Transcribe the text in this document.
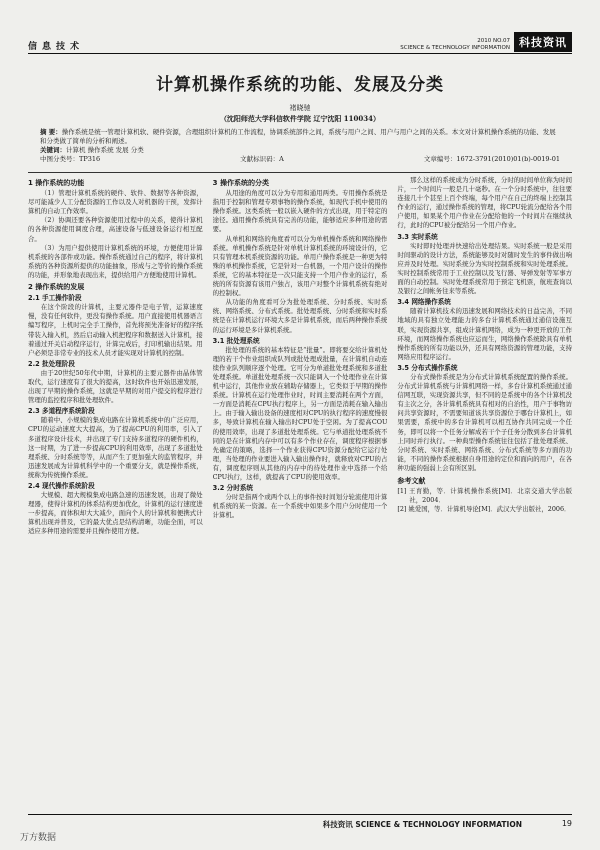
信息技术
2010 NO.07
SCIENCE & TECHNOLOGY INFORMATION 科技资讯
计算机操作系统的功能、发展及分类
褚晓驰
（沈阳师范大学科信软件学院 辽宁沈阳 110034）
摘 要：操作系统是统一管理计算机软、硬件资源，合理组织计算机的工作流程，协调系统部件之间，系统与用户之间、用户与用户之间的关系。本文对计算机操作系统的功能、发展和分类做了简单的分析和阐述。
关键词：计算机 操作系统 发展 分类
中图分类号：TP316	文献标识码：A	文章编号：1672-3791(2010)01(b)-0019-01
1 操作系统的功能

（1）管理计算机系统的硬件、软件、数据等各种资源，尽可能减少人工分配资源的工作以及人对机器的干预，发挥计算机的自动工作效率。

（2）协调还要各种资源使用过程中的关系，使得计算机的各种资源使用调度合理，高速设备与低速设备运行相互配合。

（3）为用户提供使用计算机系统的环境，方便使用计算机系统的各部件或功能。操作系统通过自己的程序，将计算机系统的各种资源所提供的功能抽象，形成与之等价的操作系统的功能，并形象地表现出来，提供给用户方便地使用计算机。

2 操作系统的发展
2.1 手工操作阶段

在这个阶段的计算机，主要元器件是电子管，运算速度慢，没有任何软件，更没有操作系统。用户直接使用机器语言编写程序，上机时完全手工操作，首先将预先准备好的程序纸带装入输入机，然后启动输入机把程序和数据送入计算机，接着通过开关启动程序运行，计算完成后，打印机输出结果。用户必须是非常专业的技术人员才能实现对计算机的控制。

2.2 批处理阶段

由于20世纪50年代中期，计算机的主要元器件由晶体管取代，运行速度有了很大的提高，这时软件也开始迅速发展，出现了早期的操作系统，这就是早期的对用户提交的程序进行管理的监控程序和批处理软件。

2.3 多道程序系统阶段

随着中、小规模的集成电路在计算机系统中的广泛应用，CPU的运动速度大大提高，为了提高CPU的利用率，引入了多道程序设计技术，并出现了专门支持多道程序的硬件机构，这一时期，为了进一步提高CPU的利用效率，出现了多道批处理系统、分时系统等等，从而产生了更加强大的监管程序，并迅速发展成为计算机科学中的一个重要分支，就是操作系统，统称为传统操作系统。

2.4 现代操作系统阶段

大规模、超大规模集成电路急速的迅速发展，出现了微处理器，使得计算机的体系结构更加优化，计算机的运行速度进一步提高，而体积却大大减少，面向个人的计算机和便携式计算机出现并普及，它的最大优点是结构清晰，功能全面，可以适应多种用途的需要并且操作使用方便。

3 操作系统的分类

从用途的角度可以分为专用和通用两类。专用操作系统是指用于控制和管理专项事物的操作系统，如现代手机中使用的操作系统。这类系统一般以嵌入硬件的方式出现，用于特定的途径。通用操作系统具有完善的功能，能够适应多种用途的需要。

从单机和网络的角度看可以分为单机操作系统和网络操作系统。单机操作系统是针对单机计算机系统的环境设计的，它只有管理本机系统资源的功能。单用户操作系统是一种更为特殊的单机操作系统，它是针对一台机器，一个用户设计的操作系统，它的基本特征是一次只能支持一个用户作业的运行，系统的所有资源有该用户独占，该用户对整个计算机系统有绝对的控制权。

从功能的角度看可分为批处理系统、分时系统、实时系统、网络系统、分布式系统。批处理系统、分时系统和实时系统是在计算机运行环境大多是计算机系统，而后两种操作系统的运行环境是多计算机系统。

3.1 批处理系统

批处理的系统的基本特征是“批量”。即将要交给计算机处理的若干个作业组织成队列或批处理成批量，在计算机自动连续作业队列顺序逐个处理。它可分为单道批处理系统和多道批处理系统。单道批处理系统一次只能调入一个处理作业在计算机中运行，其他作业放在辅助存储器上，它类似于早期的操作系统。计算机在运行处理作业时，时间主要消耗在两个方面，一方面是消耗在CPU执行程序上，另一方面是消耗在输入输出上。由于输入输出设备的速度相对CPU的执行程序的速度慢很多，导致计算机在输入输出时CPU处于空闲。为了提高COU的使用效率，出现了多道批处理系统。它与单道批处理系统不同的是在计算机内存中可以有多个作业存在，调度程序根据事先确定的策略，选择一个作业获得CPU资源分配给它运行处理，当处理的作业要进入输入输出操作时，就释放对CPU的占有，调度程序则从其他的内存中的待处理作业中选择一个给CPU执行，这样，就提高了CPU的使用效率。

3.2 分时系统

分时是指两个或两个以上的事件按时间划分轮流使用计算机系统的某一资源。在一个系统中如果多个用户分时使用一个计算机。

那么这样的系统成为分时系统，分时的时间单位称为时间片，一个时间片一般是几十毫秒。在一个分时系统中，往往要连接几十个甚至上百个终端，每个用户在自己的终端上控制其作业的运行，通过操作系统的管理，将CPU轮流分配给各个用户使用，如果某个用户作业在分配给他的一个时间片在继续执行，此时的CPU被分配给另一个用户作业。

3.3 实时系统

实时即时处理并快速给出处理结果。实时系统一般是采用时间驱动的设计方法，系统能够及时对随时发生的事件做出响应并及时处理。实时系统分为实时控制系统和实时处理系统。实时控制系统常用于工业控制以及飞行器、导弹发射等军事方面的自动控制。实时处理系统常用于预定飞机票，航班查询以及银行之间帐务往来等系统。

3.4 网络操作系统

随着计算机技术的迅速发展和网络技术的日益完善，不同地域的具有独立处理能力的多台计算机系统通过通信设施互联，实现资源共享，组成计算机网络，成为一种更开放的工作环境，而网络操作系统也应运而生，网络操作系统除具有单机操作系统的所有功能以外，还具有网络资源的管理功能，支持网络应用程序运行。

3.5 分布式操作系统

分布式操作系统是为分布式计算机系统配置的操作系统。分布式计算机系统与计算机网络一样，多台计算机系统通过通信网互联，实现资源共享，但不同的是系统中的各个计算机没有主次之分，各计算机系统具有相对的自治性，用户于事物访问共享资源时，不需要知道该共享资源位于哪台计算机上，如果需要，系统中的多台计算机可以相互协作共同完成一个任务，即可以将一个任务分解成若干个子任务分散到多台计算机上同时并行执行。一种典型操作系统往往包括了批处理系统、分时系统、实时系统、网络系统、分布式系统等多方面的功能，不同的操作系统根据自身用途的定位和面向的用户，在各种功能的强弱上会有所区别。

参考文献
[1] 王育勤，等．计算机操作系统[M]．北京交通大学出版社，2004．
[2] 姚爱国，等．计算机导论[M]．武汉大学出版社，2006．
科技资讯 SCIENCE & TECHNOLOGY INFORMATION	19
万方数据
